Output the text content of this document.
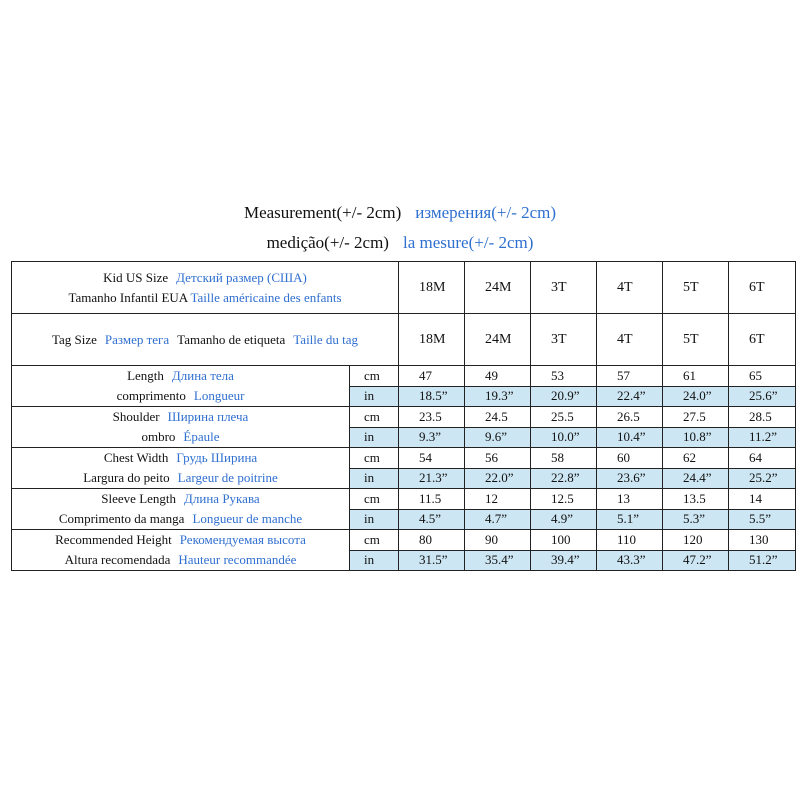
Measurement(+/- 2cm) измерения(+/- 2cm)
medição(+/- 2cm) la mesure(+/- 2cm)
Kid US Size Детский размер (США)
Tamanho Infantil EUA Taille américaine des enfants		18M	24M	3T	4T	5T	6T
Tag Size Размер тега Tamanho de etiqueta Taille du tag		18M	24M	3T	4T	5T	6T

Length Длина тела
comprimento Longueur	cm	47	49	53	57	61	65
	in	18.5”	19.3”	20.9”	22.4”	24.0”	25.6”

Shoulder Ширина плеча
ombro Épaule	cm	23.5	24.5	25.5	26.5	27.5	28.5
	in	9.3”	9.6”	10.0”	10.4”	10.8”	11.2”

Chest Width Грудь Ширина
Largura do peito Largeur de poitrine	cm	54	56	58	60	62	64
	in	21.3”	22.0”	22.8”	23.6”	24.4”	25.2”

Sleeve Length Длина Рукава
Comprimento da manga Longueur de manche	cm	11.5	12	12.5	13	13.5	14
	in	4.5”	4.7”	4.9”	5.1”	5.3”	5.5”

Recommended Height Рекомендуемая высота
Altura recomendada Hauteur recommandée	cm	80	90	100	110	120	130
	in	31.5”	35.4”	39.4”	43.3”	47.2”	51.2”
